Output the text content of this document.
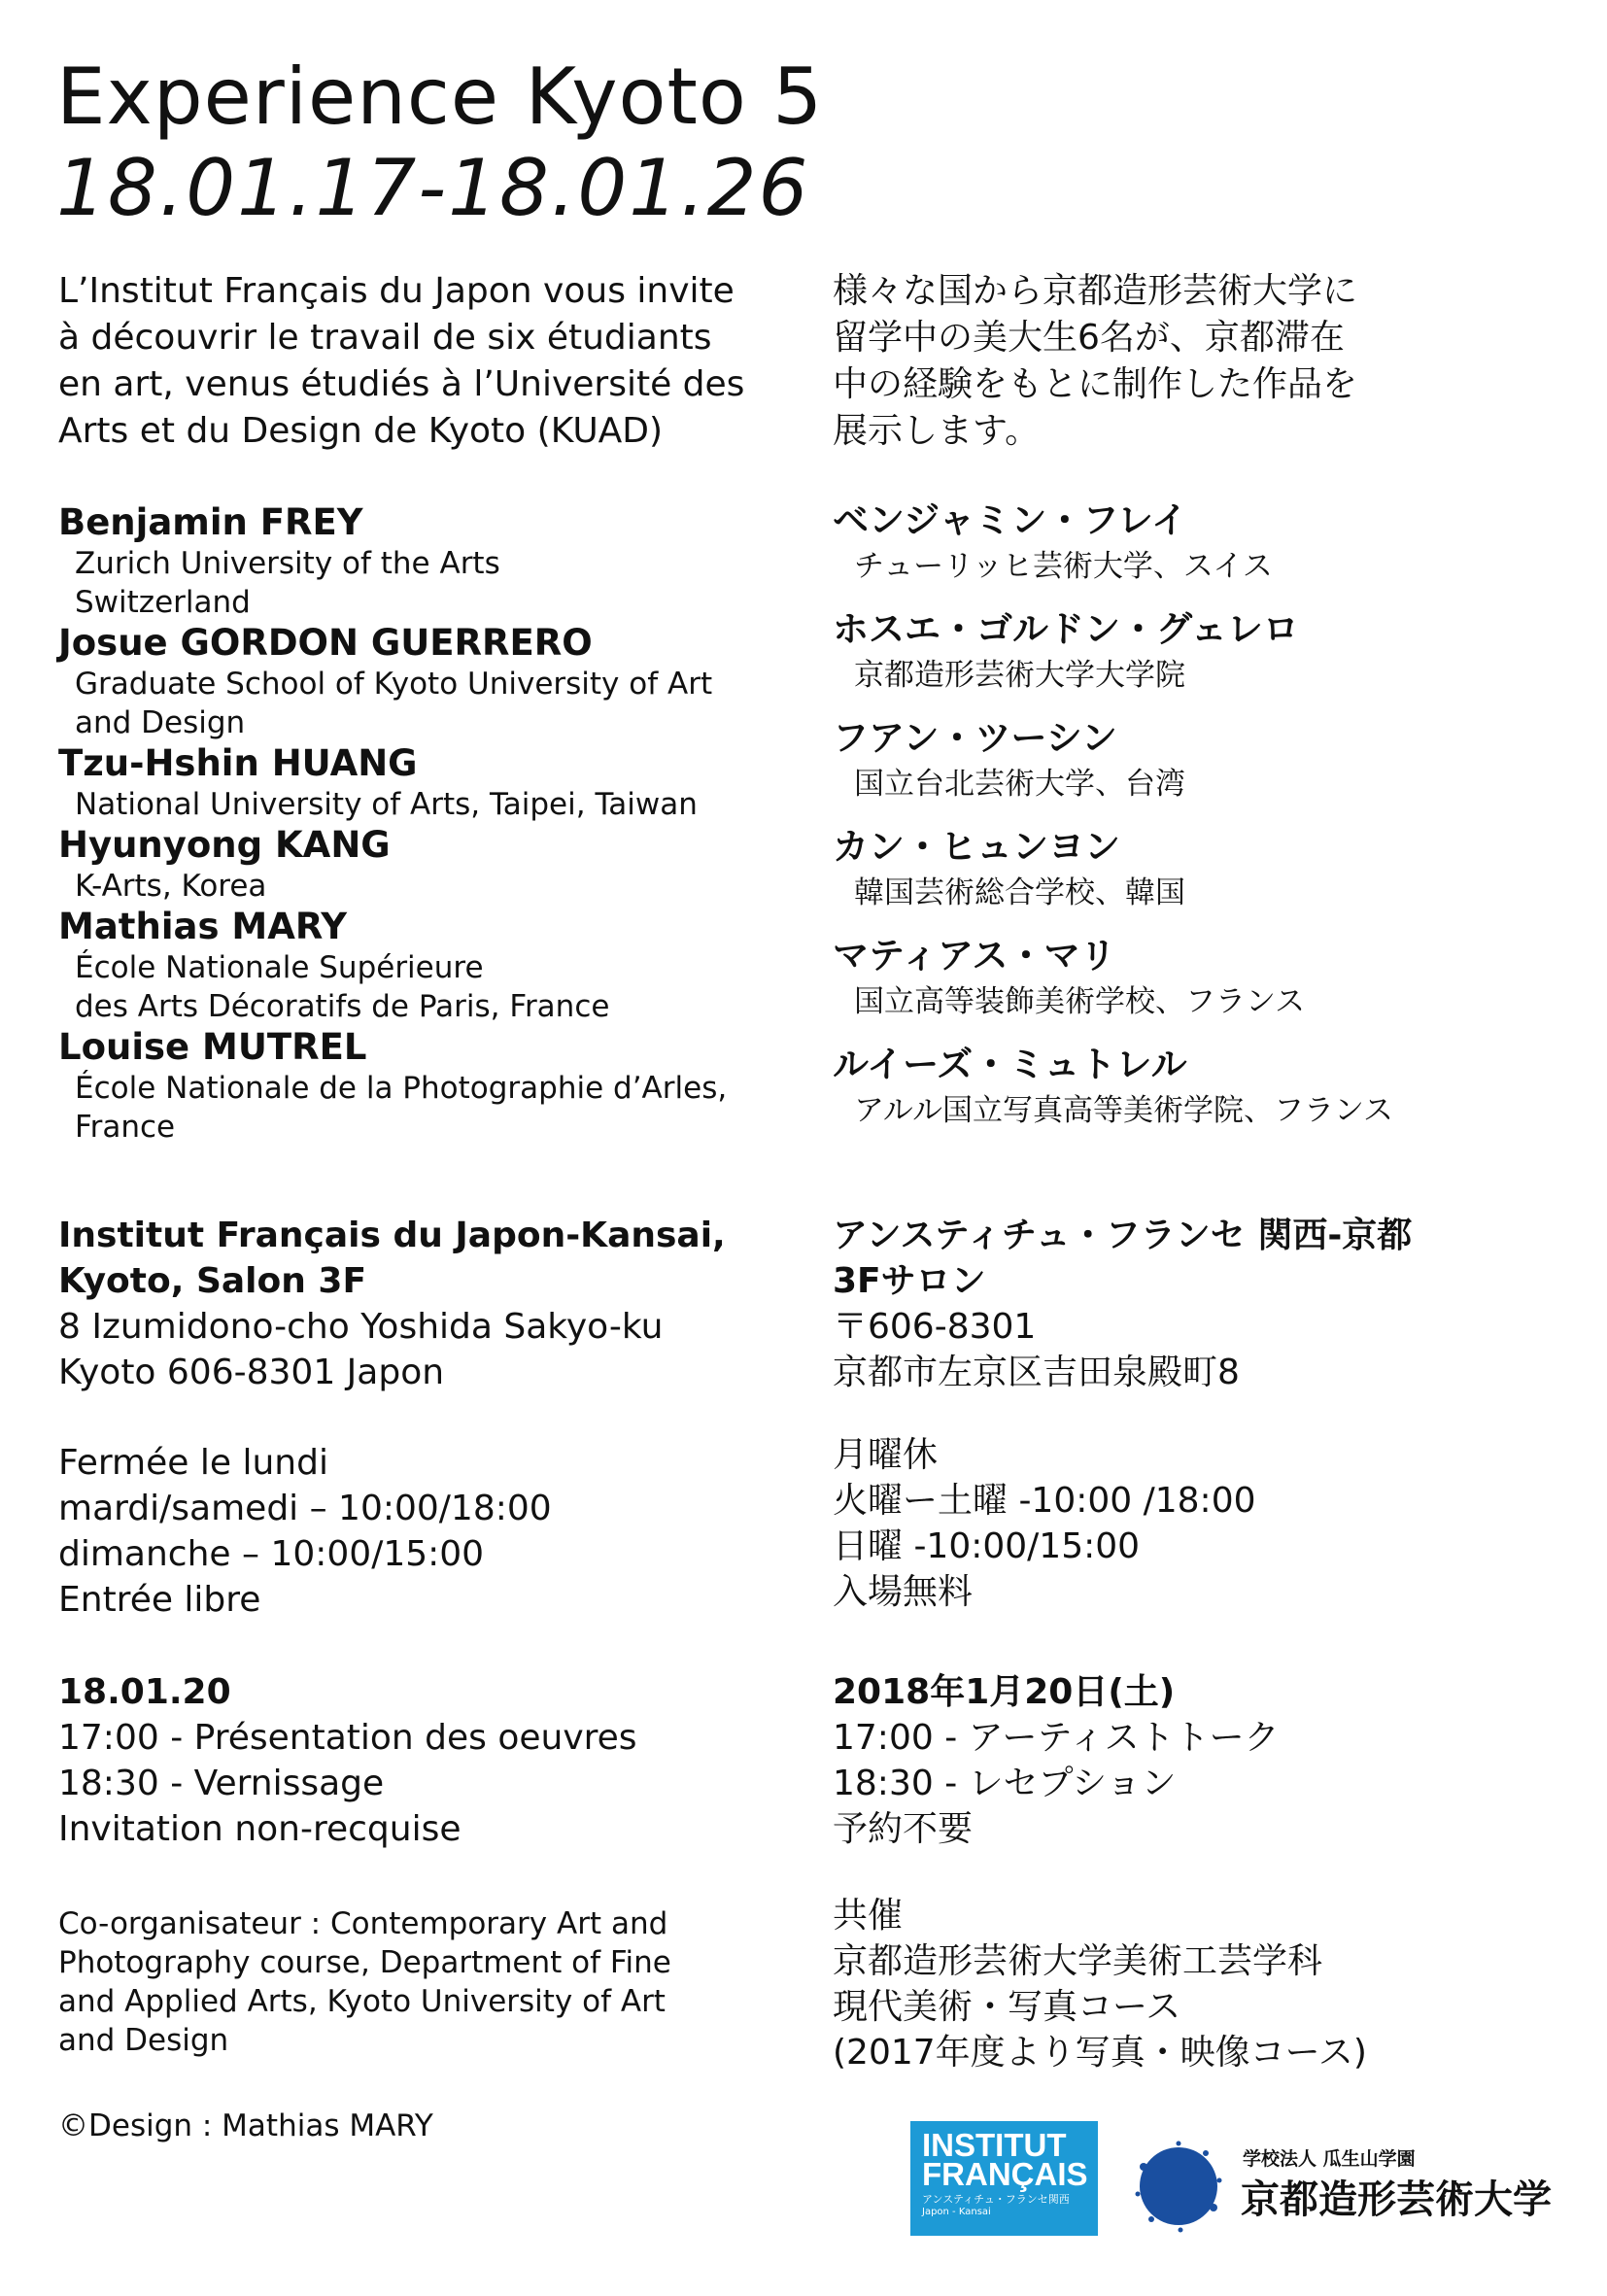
Experience Kyoto 5
18.01.17-18.01.26
L’Institut Français du Japon vous invite
à découvrir le travail de six étudiants
en art, venus étudiés à l’Université des
Arts et du Design de Kyoto (KUAD)
様々な国から京都造形芸術大学に
留学中の美大生6名が、京都滞在
中の経験をもとに制作した作品を
展示します。
Benjamin FREY
Zurich University of the Arts
Switzerland
Josue GORDON GUERRERO
Graduate School of Kyoto University of Art
and Design
Tzu-Hshin HUANG
National University of Arts, Taipei, Taiwan
Hyunyong KANG
K-Arts, Korea
Mathias MARY
École Nationale Supérieure
des Arts Décoratifs de Paris, France
Louise MUTREL
École Nationale de la Photographie d’Arles,
France
ベンジャミン・フレイ
チューリッヒ芸術大学、スイス
ホスエ・ゴルドン・グェレロ
京都造形芸術大学大学院
フアン・ツーシン
国立台北芸術大学、台湾
カン・ヒュンヨン
韓国芸術総合学校、韓国
マティアス・マリ
国立高等装飾美術学校、フランス
ルイーズ・ミュトレル
アルル国立写真高等美術学院、フランス
Institut Français du Japon-Kansai,
Kyoto, Salon 3F
8 Izumidono-cho Yoshida Sakyo-ku
Kyoto 606-8301 Japon
アンスティチュ・フランセ 関西-京都
3Fサロン
〒606-8301
京都市左京区吉田泉殿町8
Fermée le lundi
mardi/samedi – 10:00/18:00
dimanche – 10:00/15:00
Entrée libre
月曜休
火曜ー土曜 -10:00 /18:00
日曜 -10:00/15:00
入場無料
18.01.20
17:00 - Présentation des oeuvres
18:30 - Vernissage
Invitation non-recquise
2018年1月20日(土)
17:00 - アーティストトーク
18:30 - レセプション
予約不要
Co-organisateur : Contemporary Art and
Photography course, Department of Fine
and Applied Arts, Kyoto University of Art
and Design
共催
京都造形芸術大学美術工芸学科
現代美術・写真コース
(2017年度より写真・映像コース)
©Design : Mathias MARY
INSTITUT
FRANÇAIS
アンスティチュ・フランセ関西
Japon - Kansai
学校法人 瓜生山学園
京都造形芸術大学
